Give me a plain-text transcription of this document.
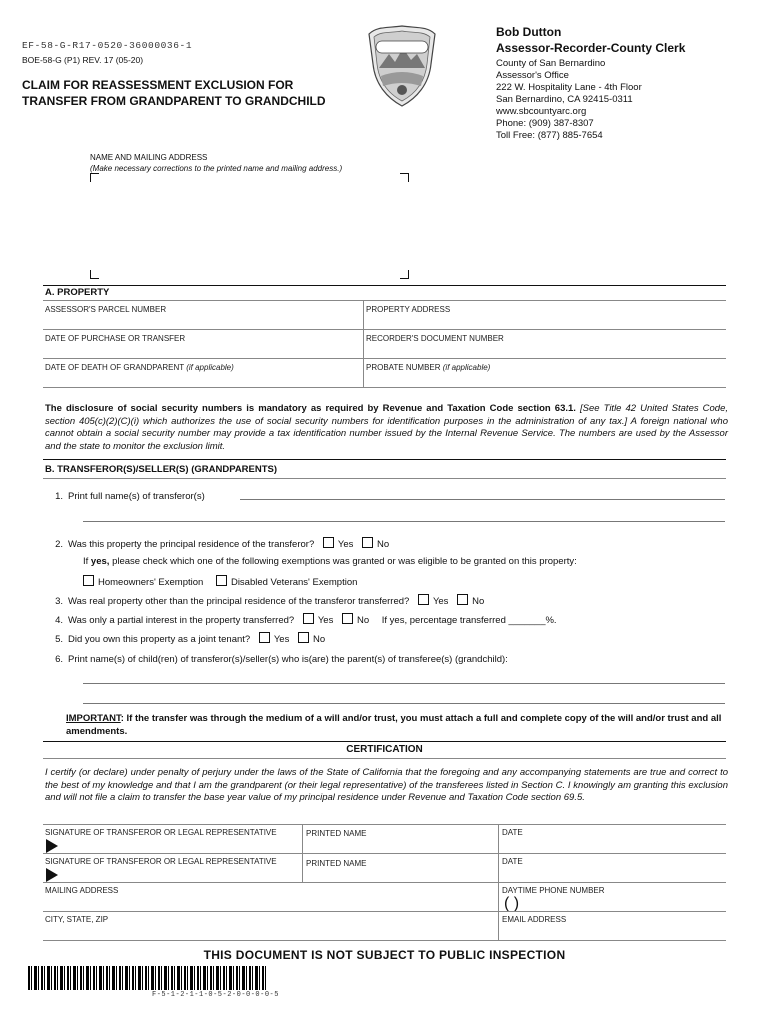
EF-58-G-R17-0520-36000036-1
BOE-58-G (P1) REV. 17 (05-20)
CLAIM FOR REASSESSMENT EXCLUSION FOR
TRANSFER FROM GRANDPARENT TO GRANDCHILD
Bob Dutton
Assessor-Recorder-County Clerk
County of San Bernardino
Assessor's Office
222 W. Hospitality Lane - 4th Floor
San Bernardino, CA 92415-0311
www.sbcountyarc.org
Phone: (909) 387-8307
Toll Free: (877) 885-7654
NAME AND MAILING ADDRESS
(Make necessary corrections to the printed name and mailing address.)
A. PROPERTY
ASSESSOR'S PARCEL NUMBER	PROPERTY ADDRESS
DATE OF PURCHASE OR TRANSFER	RECORDER'S DOCUMENT NUMBER
DATE OF DEATH OF GRANDPARENT (if applicable)	PROBATE NUMBER (if applicable)
The disclosure of social security numbers is mandatory as required by Revenue and Taxation Code section 63.1. [See Title 42 United States Code, section 405(c)(2)(C)(i) which authorizes the use of social security numbers for identification purposes in the administration of any tax.] A foreign national who cannot obtain a social security number may provide a tax identification number issued by the Internal Revenue Service. The numbers are used by the Assessor and the state to monitor the exclusion limit.
B. TRANSFEROR(S)/SELLER(S) (GRANDPARENTS)
1. Print full name(s) of transferor(s)
2. Was this property the principal residence of the transferor? Yes No
If yes, please check which one of the following exemptions was granted or was eligible to be granted on this property:
Homeowners' Exemption	Disabled Veterans' Exemption
3. Was real property other than the principal residence of the transferor transferred? Yes No
4. Was only a partial interest in the property transferred? Yes No If yes, percentage transferred _______%.
5. Did you own this property as a joint tenant? Yes No
6. Print name(s) of child(ren) of transferor(s)/seller(s) who is(are) the parent(s) of transferee(s) (grandchild):
IMPORTANT: If the transfer was through the medium of a will and/or trust, you must attach a full and complete copy of the will and/or trust and all amendments.
CERTIFICATION
I certify (or declare) under penalty of perjury under the laws of the State of California that the foregoing and any accompanying statements are true and correct to the best of my knowledge and that I am the grandparent (or their legal representative) of the transferees listed in Section C. I knowingly am granting this exclusion and will not file a claim to transfer the base year value of my principal residence under Revenue and Taxation Code section 69.5.
SIGNATURE OF TRANSFEROR OR LEGAL REPRESENTATIVE	PRINTED NAME	DATE
SIGNATURE OF TRANSFEROR OR LEGAL REPRESENTATIVE	PRINTED NAME	DATE
MAILING ADDRESS	DAYTIME PHONE NUMBER
( )
CITY, STATE, ZIP	EMAIL ADDRESS
THIS DOCUMENT IS NOT SUBJECT TO PUBLIC INSPECTION
F-5-1-2-1-1-0-5-2-0-0-0-0-5
